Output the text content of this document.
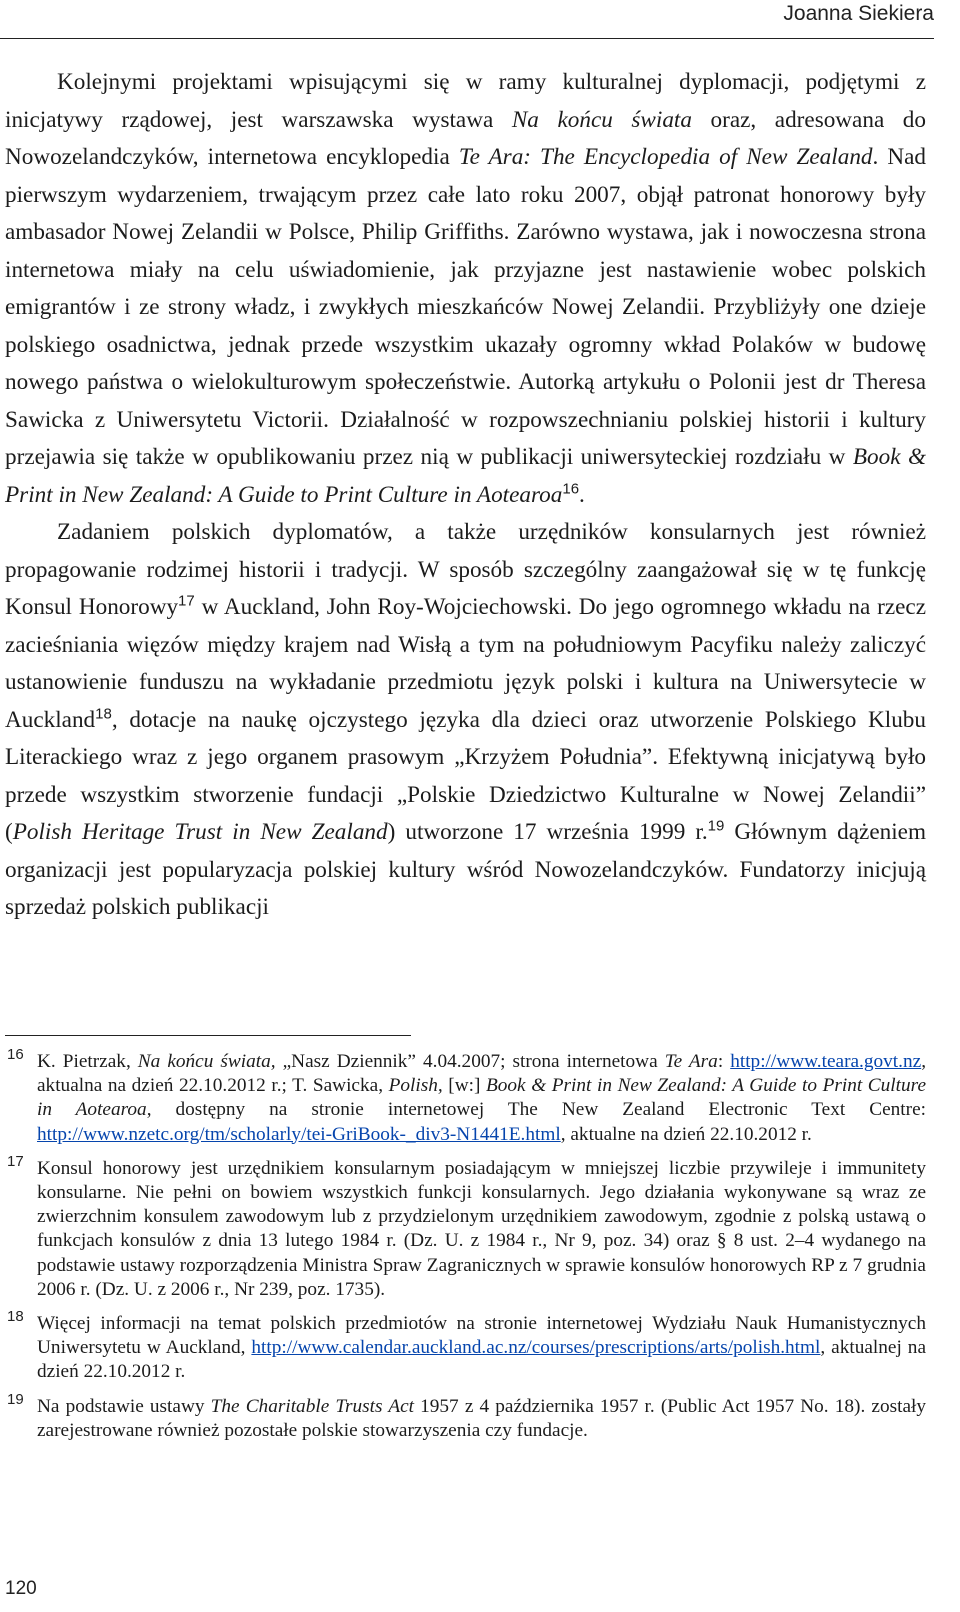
Joanna Siekiera

Kolejnymi projektami wpisującymi się w ramy kulturalnej dyplomacji, podjętymi z inicjatywy rządowej, jest warszawska wystawa Na końcu świata oraz, adresowana do Nowozelandczyków, internetowa encyklopedia Te Ara: The Encyclopedia of New Zealand. Nad pierwszym wydarzeniem, trwającym przez całe lato roku 2007, objął patronat honorowy były ambasador Nowej Zelandii w Polsce, Philip Griffiths. Zarówno wystawa, jak i nowoczesna strona internetowa miały na celu uświadomienie, jak przyjazne jest nastawienie wobec polskich emigrantów i ze strony władz, i zwykłych mieszkańców Nowej Zelandii. Przybliżyły one dzieje polskiego osadnictwa, jednak przede wszystkim ukazały ogromny wkład Polaków w budowę nowego państwa o wielokulturowym społeczeństwie. Autorką artykułu o Polonii jest dr Theresa Sawicka z Uniwersytetu Victorii. Działalność w rozpowszechnianiu polskiej historii i kultury przejawia się także w opublikowaniu przez nią w publikacji uniwersyteckiej rozdziału w Book & Print in New Zealand: A Guide to Print Culture in Aotearoa$^{16}$.

Zadaniem polskich dyplomatów, a także urzędników konsularnych jest również propagowanie rodzimej historii i tradycji. W sposób szczególny zaangażował się w tę funkcję Konsul Honorowy$^{17}$ w Auckland, John Roy-Wojciechowski. Do jego ogromnego wkładu na rzecz zacieśniania więzów między krajem nad Wisłą a tym na południowym Pacyfiku należy zaliczyć ustanowienie funduszu na wykładanie przedmiotu język polski i kultura na Uniwersytecie w Auckland$^{18}$, dotacje na naukę ojczystego języka dla dzieci oraz utworzenie Polskiego Klubu Literackiego wraz z jego organem prasowym „Krzyżem Południa”. Efektywną inicjatywą było przede wszystkim stworzenie fundacji „Polskie Dziedzictwo Kulturalne w Nowej Zelandii” (Polish Heritage Trust in New Zealand) utworzone 17 września 1999 r.$^{19}$ Głównym dążeniem organizacji jest popularyzacja polskiej kultury wśród Nowozelandczyków. Fundatorzy inicjują sprzedaż polskich publikacji

16 K. Pietrzak, Na końcu świata, „Nasz Dziennik” 4.04.2007; strona internetowa Te Ara: http://www.teara.govt.nz, aktualna na dzień 22.10.2012 r.; T. Sawicka, Polish, [w:] Book & Print in New Zealand: A Guide to Print Culture in Aotearoa, dostępny na stronie internetowej The New Zealand Electronic Text Centre: http://www.nzetc.org/tm/scholarly/tei-GriBook-_div3-N1441E.html, aktualne na dzień 22.10.2012 r.
17 Konsul honorowy jest urzędnikiem konsularnym posiadającym w mniejszej liczbie przywileje i immunitety konsularne. Nie pełni on bowiem wszystkich funkcji konsularnych. Jego działania wykonywane są wraz ze zwierzchnim konsulem zawodowym lub z przydzielonym urzędnikiem zawodowym, zgodnie z polską ustawą o funkcjach konsulów z dnia 13 lutego 1984 r. (Dz. U. z 1984 r., Nr 9, poz. 34) oraz § 8 ust. 2–4 wydanego na podstawie ustawy rozporządzenia Ministra Spraw Zagranicznych w sprawie konsulów honorowych RP z 7 grudnia 2006 r. (Dz. U. z 2006 r., Nr 239, poz. 1735).
18 Więcej informacji na temat polskich przedmiotów na stronie internetowej Wydziału Nauk Humanistycznych Uniwersytetu w Auckland, http://www.calendar.auckland.ac.nz/courses/prescriptions/arts/polish.html, aktualnej na dzień 22.10.2012 r.
19 Na podstawie ustawy The Charitable Trusts Act 1957 z 4 października 1957 r. (Public Act 1957 No. 18). zostały zarejestrowane również pozostałe polskie stowarzyszenia czy fundacje.
120
